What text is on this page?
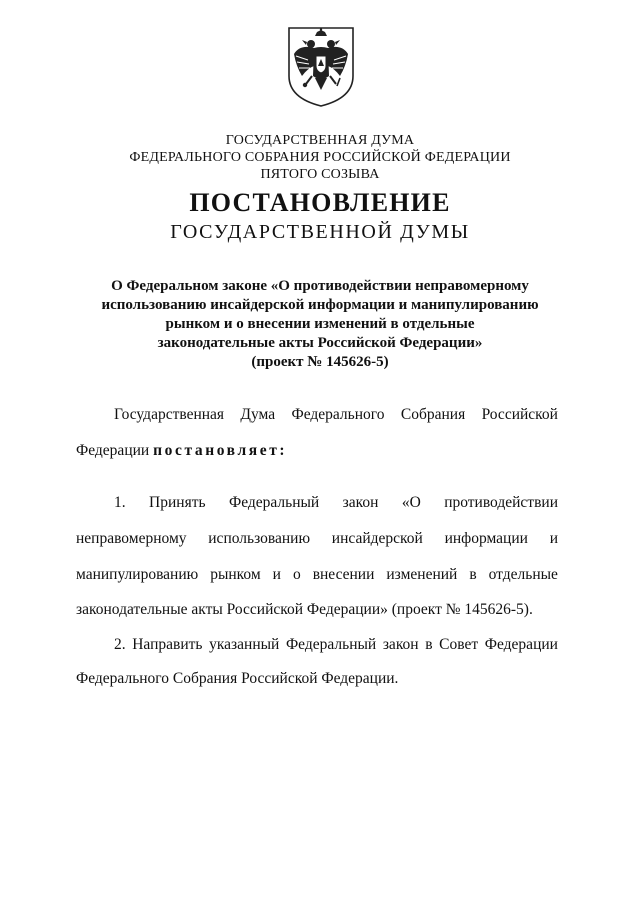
ГОСУДАРСТВЕННАЯ ДУМА
ФЕДЕРАЛЬНОГО СОБРАНИЯ РОССИЙСКОЙ ФЕДЕРАЦИИ
ПЯТОГО СОЗЫВА
ПОСТАНОВЛЕНИЕ
ГОСУДАРСТВЕННОЙ ДУМЫ
О Федеральном законе «О противодействии неправомерному
использованию инсайдерской информации и манипулированию
рынком и о внесении изменений в отдельные
законодательные акты Российской Федерации»
(проект № 145626-5)
Государственная Дума Федерального Собрания Российской
Федерации постановляет:
1. Принять Федеральный закон «О противодействии
неправомерному использованию инсайдерской информации и
манипулированию рынком и о внесении изменений в отдельные
законодательные акты Российской Федерации» (проект № 145626-5).
2. Направить указанный Федеральный закон в Совет Федерации
Федерального Собрания Российской Федерации.
